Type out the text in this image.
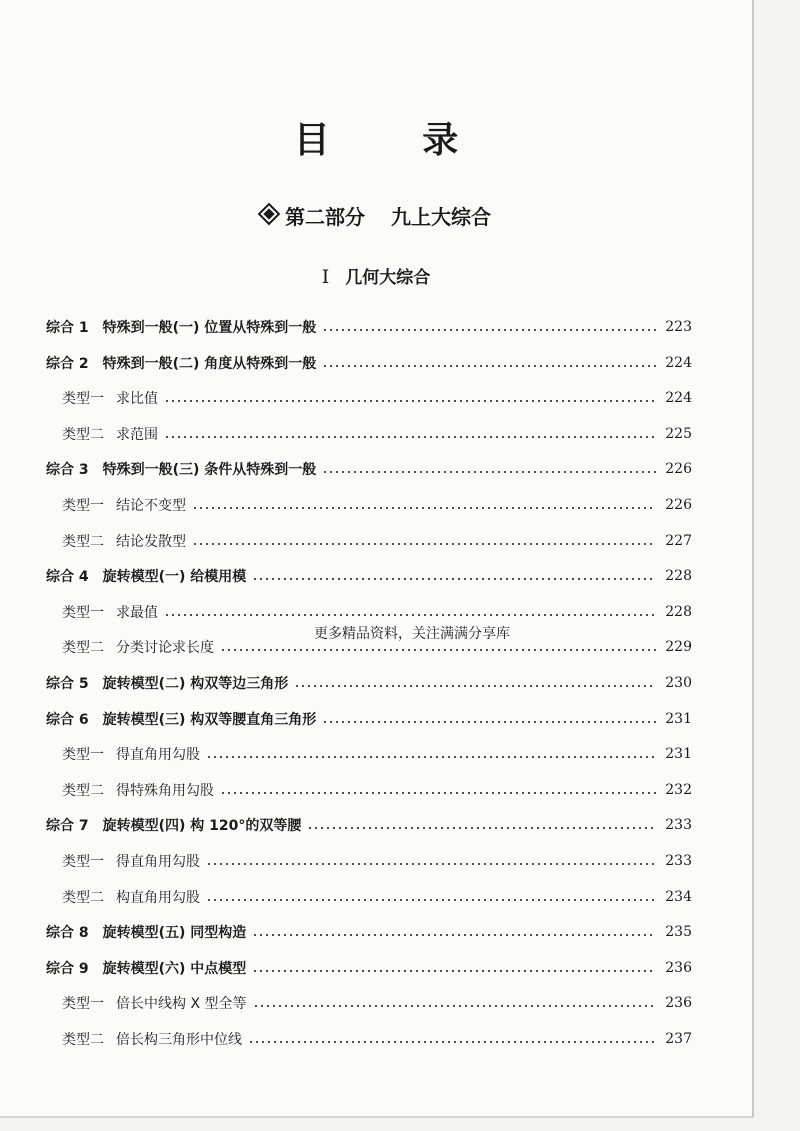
目 录
第二部分 九上大综合
I 几何大综合
综合 1 特殊到一般(一) 位置从特殊到一般	223
综合 2 特殊到一般(二) 角度从特殊到一般	224
类型一 求比值	224
类型二 求范围	225
综合 3 特殊到一般(三) 条件从特殊到一般	226
类型一 结论不变型	226
类型二 结论发散型	227
综合 4 旋转模型(一) 给模用模	228
类型一 求最值	228
类型二 分类讨论求长度	229
综合 5 旋转模型(二) 构双等边三角形	230
综合 6 旋转模型(三) 构双等腰直角三角形	231
类型一 得直角用勾股	231
类型二 得特殊角用勾股	232
综合 7 旋转模型(四) 构 120°的双等腰	233
类型一 得直角用勾股	233
类型二 构直角用勾股	234
综合 8 旋转模型(五) 同型构造	235
综合 9 旋转模型(六) 中点模型	236
类型一 倍长中线构 X 型全等	236
类型二 倍长构三角形中位线	237
更多精品资料，关注满满分享库
